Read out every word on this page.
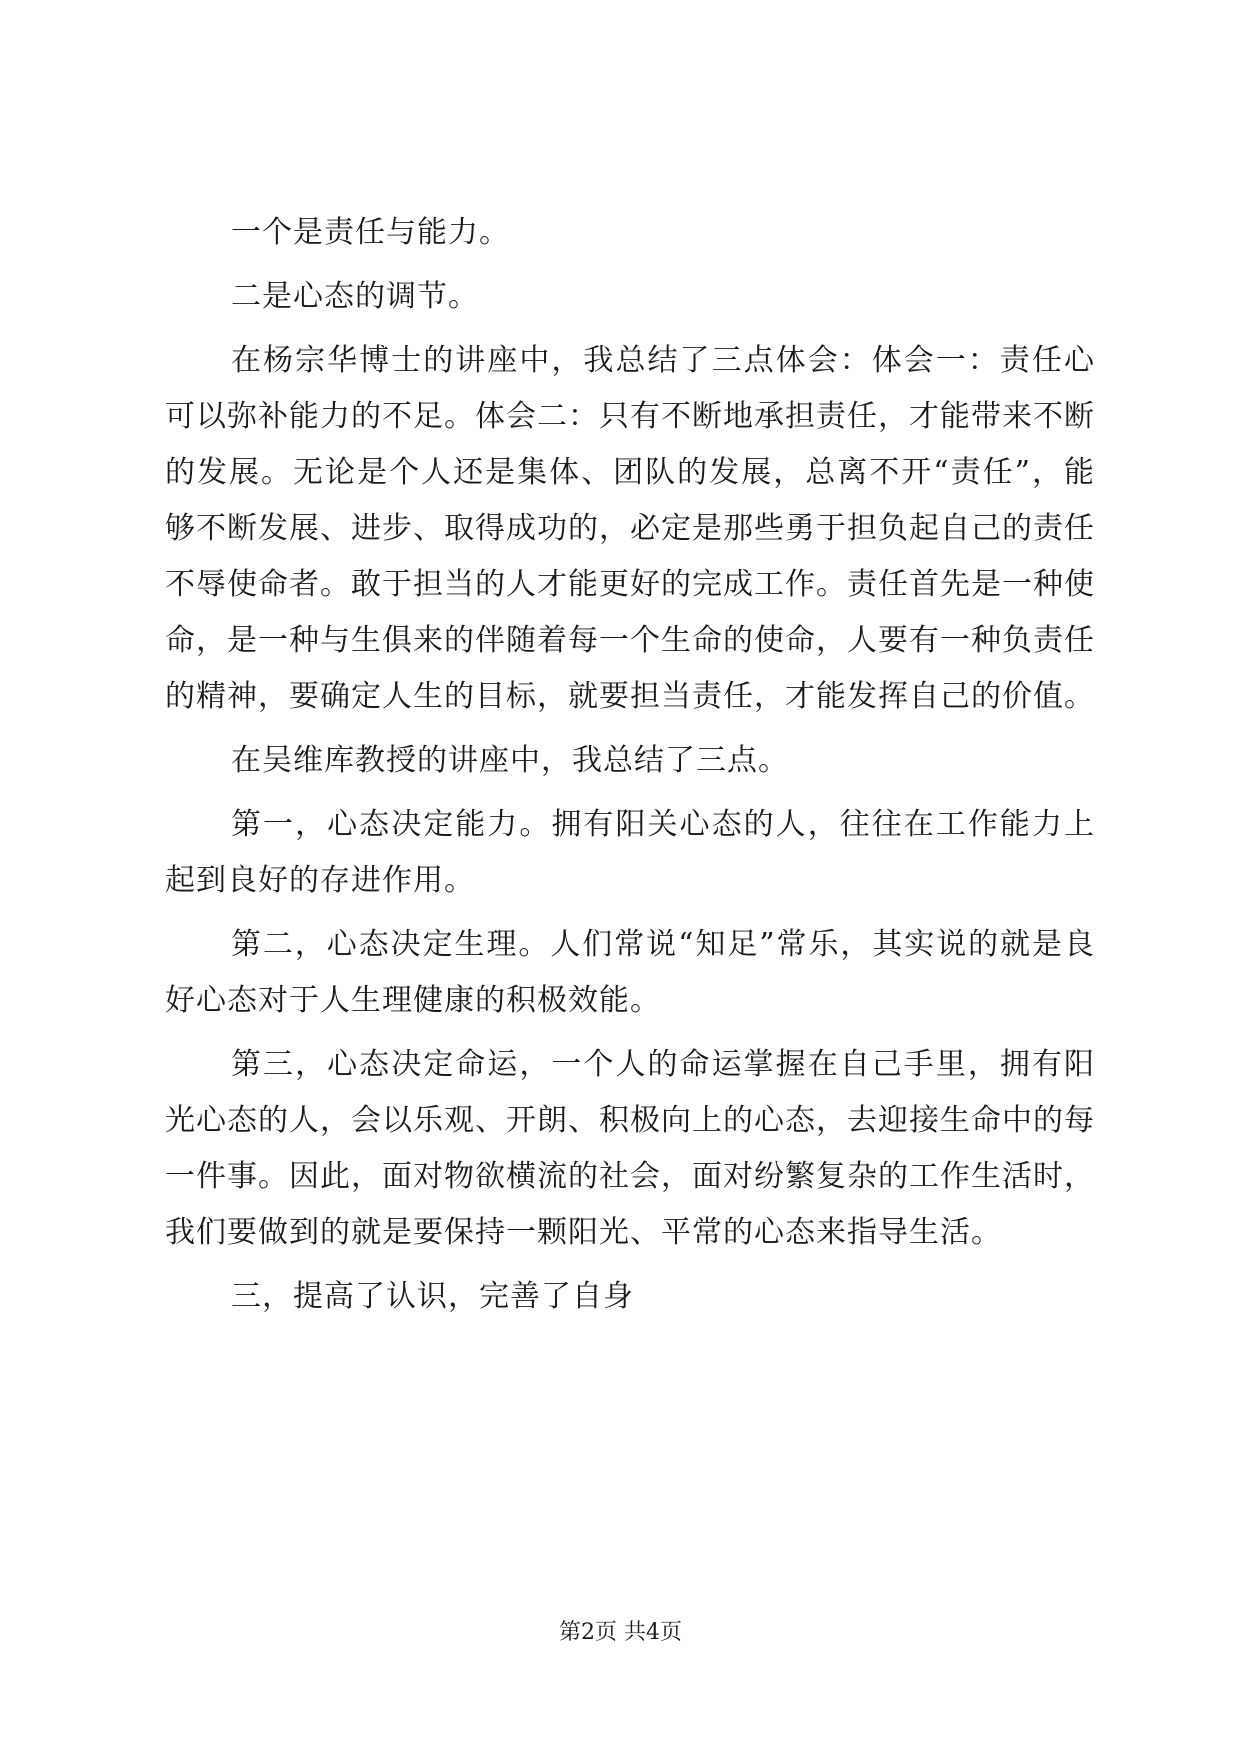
一个是责任与能力。

二是心态的调节。

在杨宗华博士的讲座中，我总结了三点体会：体会一：责任心可以弥补能力的不足。体会二：只有不断地承担责任，才能带来不断的发展。无论是个人还是集体、团队的发展，总离不开“责任”，能够不断发展、进步、取得成功的，必定是那些勇于担负起自己的责任不辱使命者。敢于担当的人才能更好的完成工作。责任首先是一种使命，是一种与生俱来的伴随着每一个生命的使命，人要有一种负责任的精神，要确定人生的目标，就要担当责任，才能发挥自己的价值。

在吴维库教授的讲座中，我总结了三点。

第一，心态决定能力。拥有阳关心态的人，往往在工作能力上起到良好的存进作用。

第二，心态决定生理。人们常说“知足”常乐，其实说的就是良好心态对于人生理健康的积极效能。

第三，心态决定命运，一个人的命运掌握在自己手里，拥有阳光心态的人，会以乐观、开朗、积极向上的心态，去迎接生命中的每一件事。因此，面对物欲横流的社会，面对纷繁复杂的工作生活时，我们要做到的就是要保持一颗阳光、平常的心态来指导生活。

三，提高了认识，完善了自身

第2页 共4页
